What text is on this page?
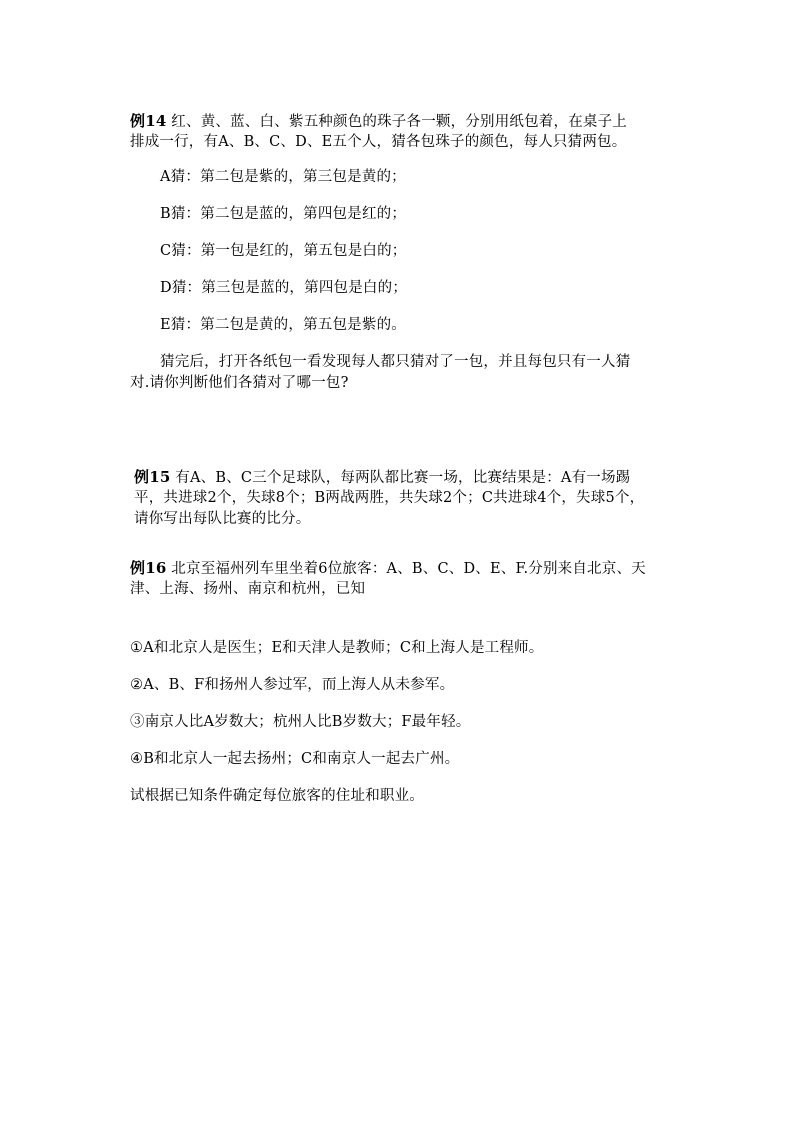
例14 红、黄、蓝、白、紫五种颜色的珠子各一颗，分别用纸包着，在桌子上
排成一行，有A、B、C、D、E五个人，猜各包珠子的颜色，每人只猜两包。
A猜：第二包是紫的，第三包是黄的；
B猜：第二包是蓝的，第四包是红的；
C猜：第一包是红的，第五包是白的；
D猜：第三包是蓝的，第四包是白的；
E猜：第二包是黄的，第五包是紫的。
猜完后，打开各纸包一看发现每人都只猜对了一包，并且每包只有一人猜
对.请你判断他们各猜对了哪一包?
例15 有A、B、C三个足球队，每两队都比赛一场，比赛结果是：A有一场踢
平，共进球2个，失球8个；B两战两胜，共失球2个；C共进球4个，失球5个，
请你写出每队比赛的比分。
例16 北京至福州列车里坐着6位旅客：A、B、C、D、E、F.分别来自北京、天
津、上海、扬州、南京和杭州，已知
①A和北京人是医生；E和天津人是教师；C和上海人是工程师。
②A、B、F和扬州人参过军，而上海人从未参军。
③南京人比A岁数大；杭州人比B岁数大；F最年轻。
④B和北京人一起去扬州；C和南京人一起去广州。
试根据已知条件确定每位旅客的住址和职业。
